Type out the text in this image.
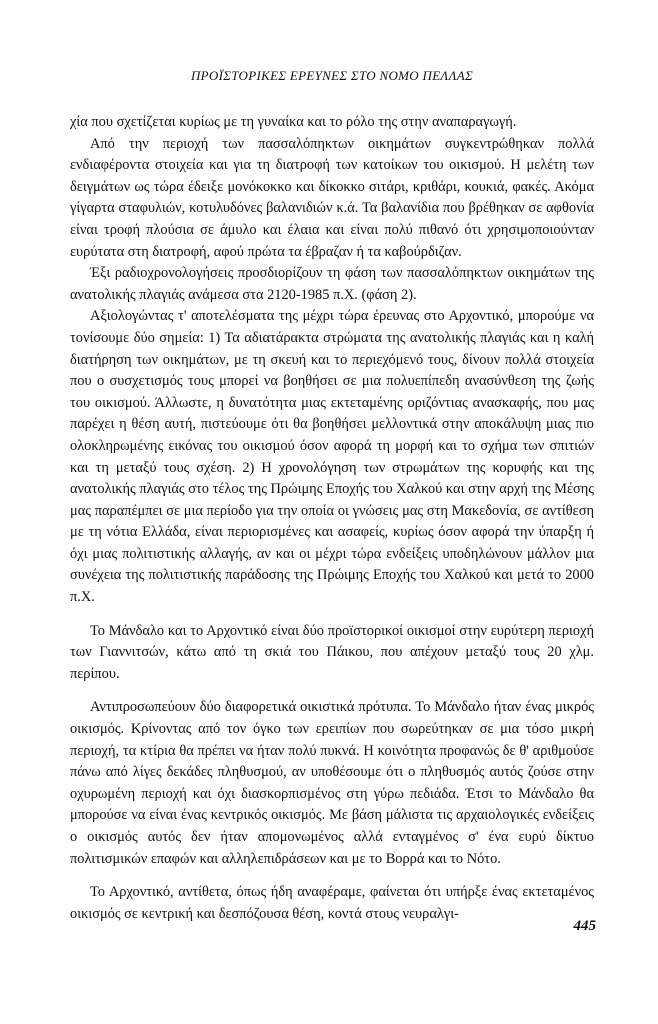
ΠΡΟΪΣΤΟΡΙΚΕΣ ΕΡΕΥΝΕΣ ΣΤΟ ΝΟΜΟ ΠΕΛΛΑΣ

χία που σχετίζεται κυρίως με τη γυναίκα και το ρόλο της στην αναπαραγωγή.

Από την περιοχή των πασσαλόπηκτων οικημάτων συγκεντρώθηκαν πολλά ενδιαφέροντα στοιχεία και για τη διατροφή των κατοίκων του οικισμού. Η μελέτη των δειγμάτων ως τώρα έδειξε μονόκοκκο και δίκοκκο σιτάρι, κριθάρι, κουκιά, φακές. Ακόμα γίγαρτα σταφυλιών, κοτυλυδόνες βαλανιδιών κ.ά. Τα βαλανίδια που βρέθηκαν σε αφθονία είναι τροφή πλούσια σε άμυλο και έλαια και είναι πολύ πιθανό ότι χρησιμοποιούνταν ευρύτατα στη διατροφή, αφού πρώτα τα έβραζαν ή τα καβούρδιζαν.

Έξι ραδιοχρονολογήσεις προσδιορίζουν τη φάση των πασσαλόπηκτων οικημάτων της ανατολικής πλαγιάς ανάμεσα στα 2120-1985 π.Χ. (φάση 2).

Αξιολογώντας τ' αποτελέσματα της μέχρι τώρα έρευνας στο Αρχοντικό, μπορούμε να τονίσουμε δύο σημεία: 1) Τα αδιατάρακτα στρώματα της ανατολικής πλαγιάς και η καλή διατήρηση των οικημάτων, με τη σκευή και το περιεχόμενό τους, δίνουν πολλά στοιχεία που ο συσχετισμός τους μπορεί να βοηθήσει σε μια πολυεπίπεδη ανασύνθεση της ζωής του οικισμού. Άλλωστε, η δυνατότητα μιας εκτεταμένης οριζόντιας ανασκαφής, που μας παρέχει η θέση αυτή, πιστεύουμε ότι θα βοηθήσει μελλοντικά στην αποκάλυψη μιας πιο ολοκληρωμένης εικόνας του οικισμού όσον αφορά τη μορφή και το σχήμα των σπιτιών και τη μεταξύ τους σχέση. 2) Η χρονολόγηση των στρωμάτων της κορυφής και της ανατολικής πλαγιάς στο τέλος της Πρώιμης Εποχής του Χαλκού και στην αρχή της Μέσης μας παραπέμπει σε μια περίοδο για την οποία οι γνώσεις μας στη Μακεδονία, σε αντίθεση με τη νότια Ελλάδα, είναι περιορισμένες και ασαφείς, κυρίως όσον αφορά την ύπαρξη ή όχι μιας πολιτιστικής αλλαγής, αν και οι μέχρι τώρα ενδείξεις υποδηλώνουν μάλλον μια συνέχεια της πολιτιστικής παράδοσης της Πρώιμης Εποχής του Χαλκού και μετά το 2000 π.Χ.

Το Μάνδαλο και το Αρχοντικό είναι δύο προϊστορικοί οικισμοί στην ευρύτερη περιοχή των Γιαννιτσών, κάτω από τη σκιά του Πάικου, που απέχουν μεταξύ τους 20 χλμ. περίπου.

Αντιπροσωπεύουν δύο διαφορετικά οικιστικά πρότυπα. Το Μάνδαλο ήταν ένας μικρός οικισμός. Κρίνοντας από τον όγκο των ερειπίων που σωρεύτηκαν σε μια τόσο μικρή περιοχή, τα κτίρια θα πρέπει να ήταν πολύ πυκνά. Η κοινότητα προφανώς δε θ' αριθμούσε πάνω από λίγες δεκάδες πληθυσμού, αν υποθέσουμε ότι ο πληθυσμός αυτός ζούσε στην οχυρωμένη περιοχή και όχι διασκορπισμένος στη γύρω πεδιάδα. Έτσι το Μάνδαλο θα μπορούσε να είναι ένας κεντρικός οικισμός. Με βάση μάλιστα τις αρχαιολογικές ενδείξεις ο οικισμός αυτός δεν ήταν απομονωμένος αλλά ενταγμένος σ' ένα ευρύ δίκτυο πολιτισμικών επαφών και αλληλεπιδράσεων και με το Βορρά και το Νότο.

Το Αρχοντικό, αντίθετα, όπως ήδη αναφέραμε, φαίνεται ότι υπήρξε ένας εκτεταμένος οικισμός σε κεντρική και δεσπόζουσα θέση, κοντά στους νευραλγι-

445
